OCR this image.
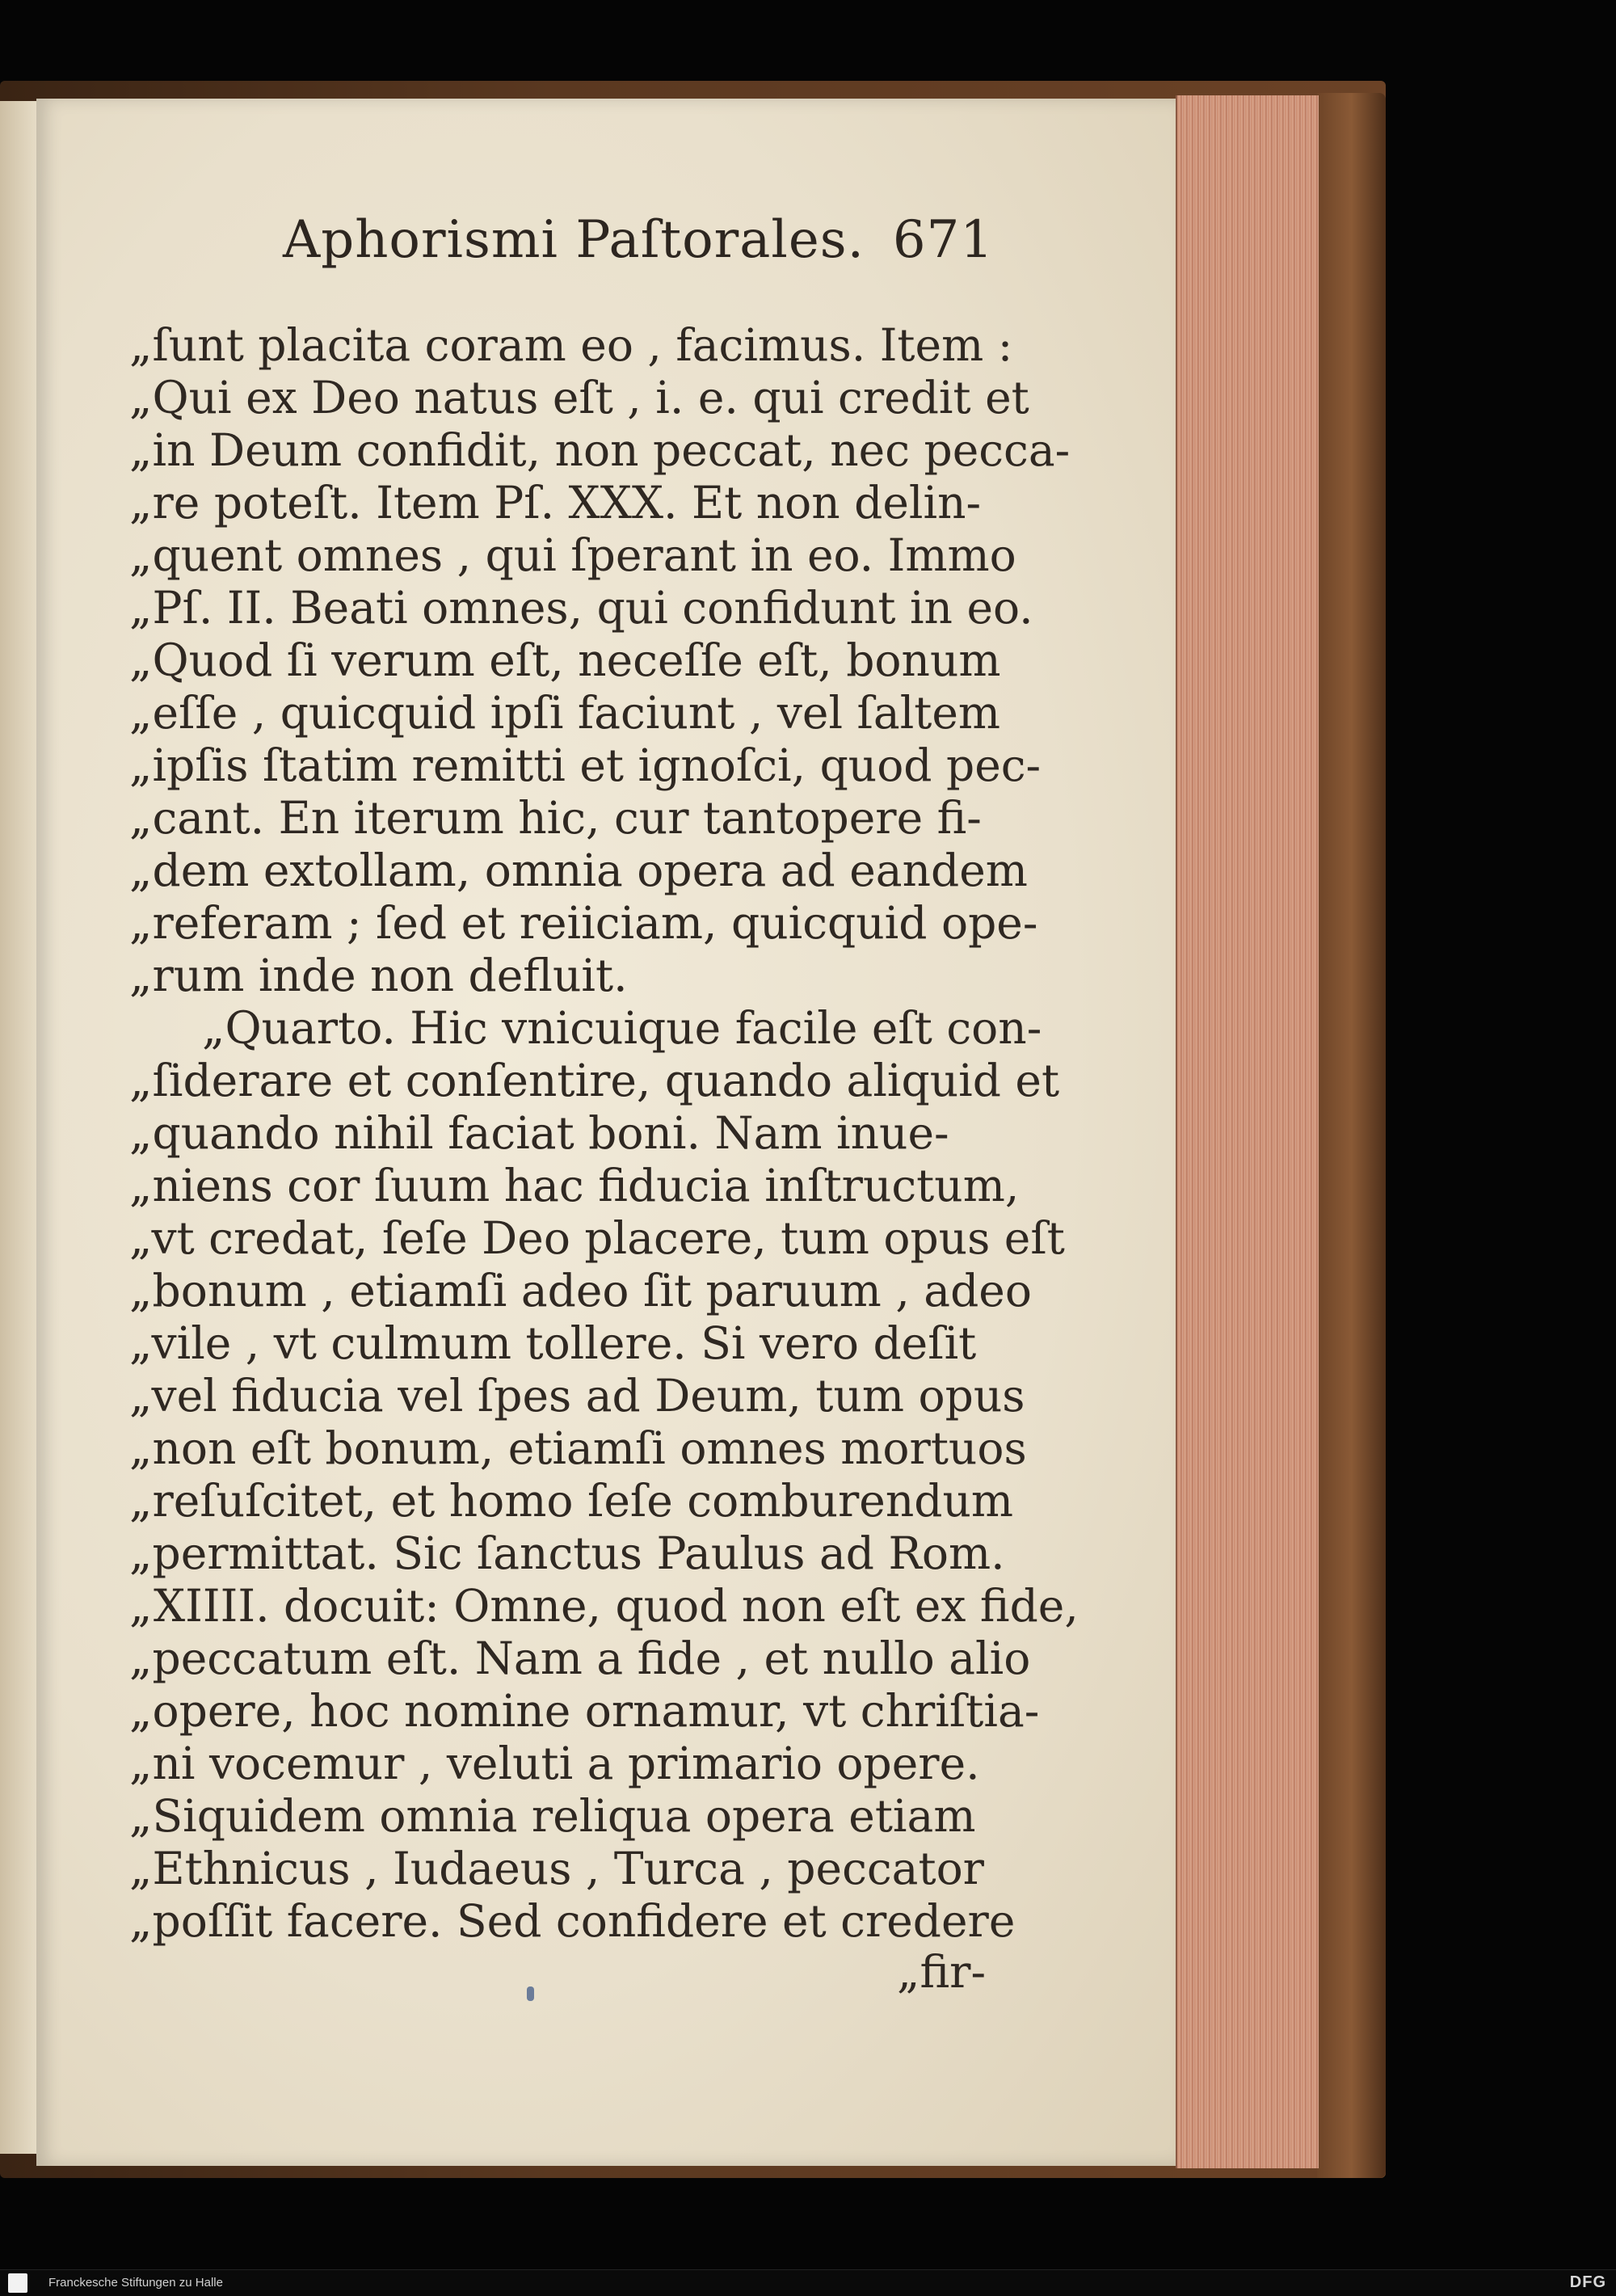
Aphorismi Paſtorales. 671
„ſunt placita coram eo , facimus. Item :
„Qui ex Deo natus eſt , i. e. qui credit et
„in Deum confidit, non peccat, nec pecca-
„re poteſt. Item Pſ. XXX. Et non delin-
„quent omnes , qui ſperant in eo. Immo
„Pſ. II. Beati omnes, qui confidunt in eo.
„Quod ſi verum eſt, neceſſe eſt, bonum
„eſſe , quicquid ipſi faciunt , vel ſaltem
„ipſis ſtatim remitti et ignoſci, quod pec-
„cant. En iterum hic, cur tantopere fi-
„dem extollam, omnia opera ad eandem
„referam ; ſed et reiiciam, quicquid ope-
„rum inde non defluit.
„Quarto. Hic vnicuique facile eſt con-
„ſiderare et conſentire, quando aliquid et
„quando nihil faciat boni. Nam inue-
„niens cor ſuum hac fiducia inſtructum,
„vt credat, ſeſe Deo placere, tum opus eſt
„bonum , etiamſi adeo ſit paruum , adeo
„vile , vt culmum tollere. Si vero deſit
„vel fiducia vel ſpes ad Deum, tum opus
„non eſt bonum, etiamſi omnes mortuos
„reſuſcitet, et homo ſeſe comburendum
„permittat. Sic ſanctus Paulus ad Rom.
„XIIII. docuit: Omne, quod non eſt ex fide,
„peccatum eſt. Nam a fide , et nullo alio
„opere, hoc nomine ornamur, vt chriſtia-
„ni vocemur , veluti a primario opere.
„Siquidem omnia reliqua opera etiam
„Ethnicus , Iudaeus , Turca , peccator
„poſſit facere. Sed confidere et credere
„fir-
Franckesche Stiftungen zu Halle	DFG
